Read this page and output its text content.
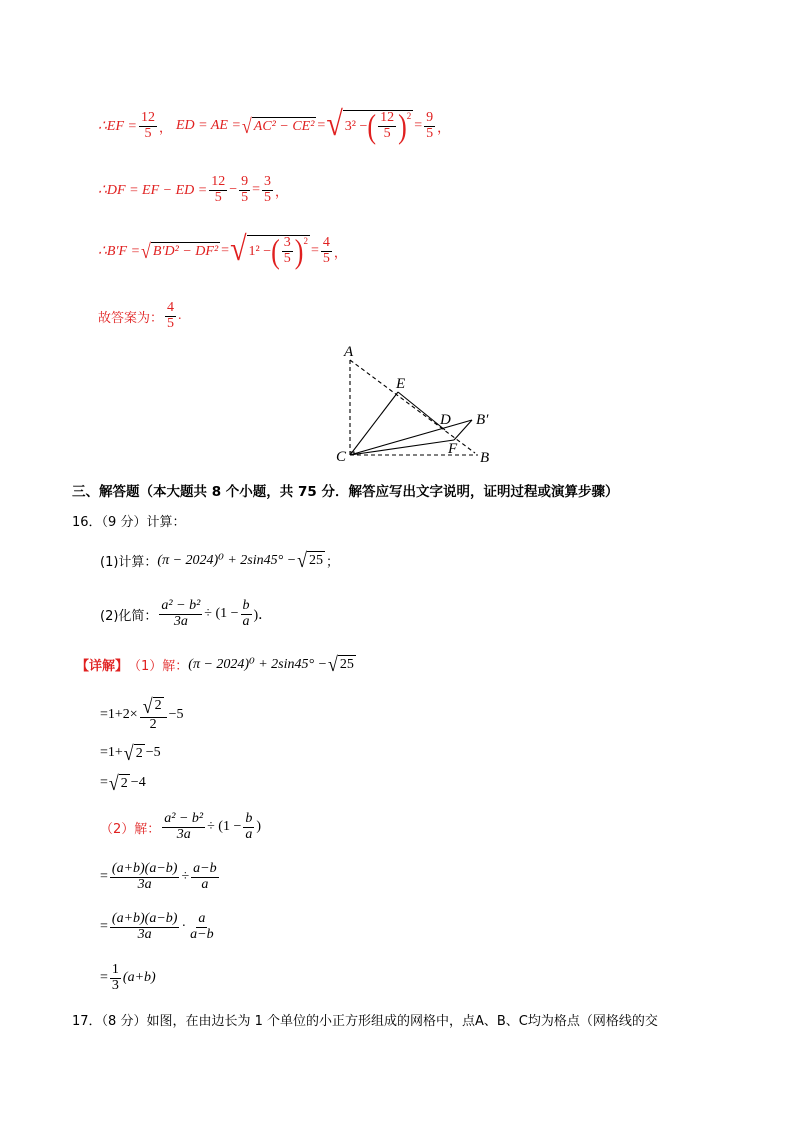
∴EF = $\frac{12}{5}$ ， ED = AE = √ AC² − CE² = √ 3² − ( $\frac{12}{5} )^2$
= $\frac{9}{5}$ ，
∴DF = EF − ED = $\frac{12}{5} - \frac{9}{5} = \frac{3}{5}$ ，
∴B′F = √ B′D² − DF² = √ 1² − ( $\frac{3}{5} )^2$
= $\frac{4}{5}$ ，
故答案为： $\frac{4}{5}$ .
A
E
D B′
F
C	B
三、解答题（本大题共 8 个小题，共 75 分．解答应写出文字说明，证明过程或演算步骤）
16．（9 分）计算：
(1)计算： (π − 2024)⁰ + 2sin45° − √ 25 ；
(2)化简： $\frac{\text{a² − b²}}{3a} \div (1 - \frac{b}{a}$ )．
【详解】 （1）解： (π − 2024)⁰ + 2sin45° − √ 25
$=1+2\times \frac{√ 2}{2} -5$
=1+ √ 2 −5
= √ 2 −4
（2）解： $\frac{\text{a² − b²}}{3a} \div (1 - \frac{b}{a}$ )
= $\frac{(a+b)(a-b)}{3a} \div \frac{a-b}{a}$
= $\frac{(a+b)(a-b)}{3a} \cdot \frac{a}{a-b}$
= $\frac{1}{3} (a+b)$
17．（8 分）如图，在由边长为 1 个单位的小正方形组成的网格中，点A、B、C均为格点（网格线的交
